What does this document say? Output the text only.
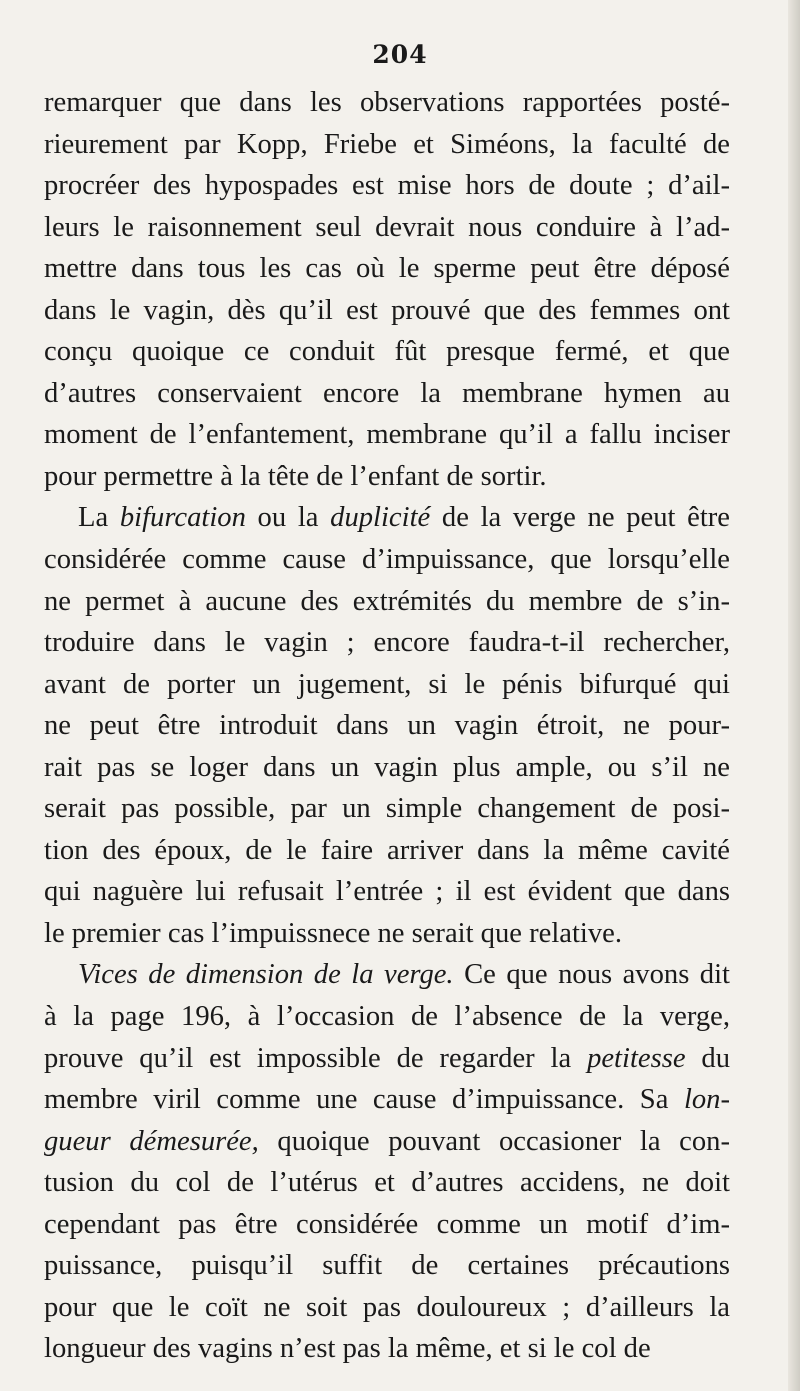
204
remarquer que dans les observations rapportées posté-
rieurement par Kopp, Friebe et Siméons, la faculté de
procréer des hypospades est mise hors de doute ; d’ail-
leurs le raisonnement seul devrait nous conduire à l’ad-
mettre dans tous les cas où le sperme peut être déposé
dans le vagin, dès qu’il est prouvé que des femmes ont
conçu quoique ce conduit fût presque fermé, et que
d’autres conservaient encore la membrane hymen au
moment de l’enfantement, membrane qu’il a fallu inciser
pour permettre à la tête de l’enfant de sortir.
La bifurcation ou la duplicité de la verge ne peut être
considérée comme cause d’impuissance, que lorsqu’elle
ne permet à aucune des extrémités du membre de s’in-
troduire dans le vagin ; encore faudra-t-il rechercher,
avant de porter un jugement, si le pénis bifurqué qui
ne peut être introduit dans un vagin étroit, ne pour-
rait pas se loger dans un vagin plus ample, ou s’il ne
serait pas possible, par un simple changement de posi-
tion des époux, de le faire arriver dans la même cavité
qui naguère lui refusait l’entrée ; il est évident que dans
le premier cas l’impuissnece ne serait que relative.
Vices de dimension de la verge. Ce que nous avons dit
à la page 196, à l’occasion de l’absence de la verge,
prouve qu’il est impossible de regarder la petitesse du
membre viril comme une cause d’impuissance. Sa lon-
gueur démesurée, quoique pouvant occasioner la con-
tusion du col de l’utérus et d’autres accidens, ne doit
cependant pas être considérée comme un motif d’im-
puissance, puisqu’il suffit de certaines précautions
pour que le coït ne soit pas douloureux ; d’ailleurs la
longueur des vagins n’est pas la même, et si le col de
